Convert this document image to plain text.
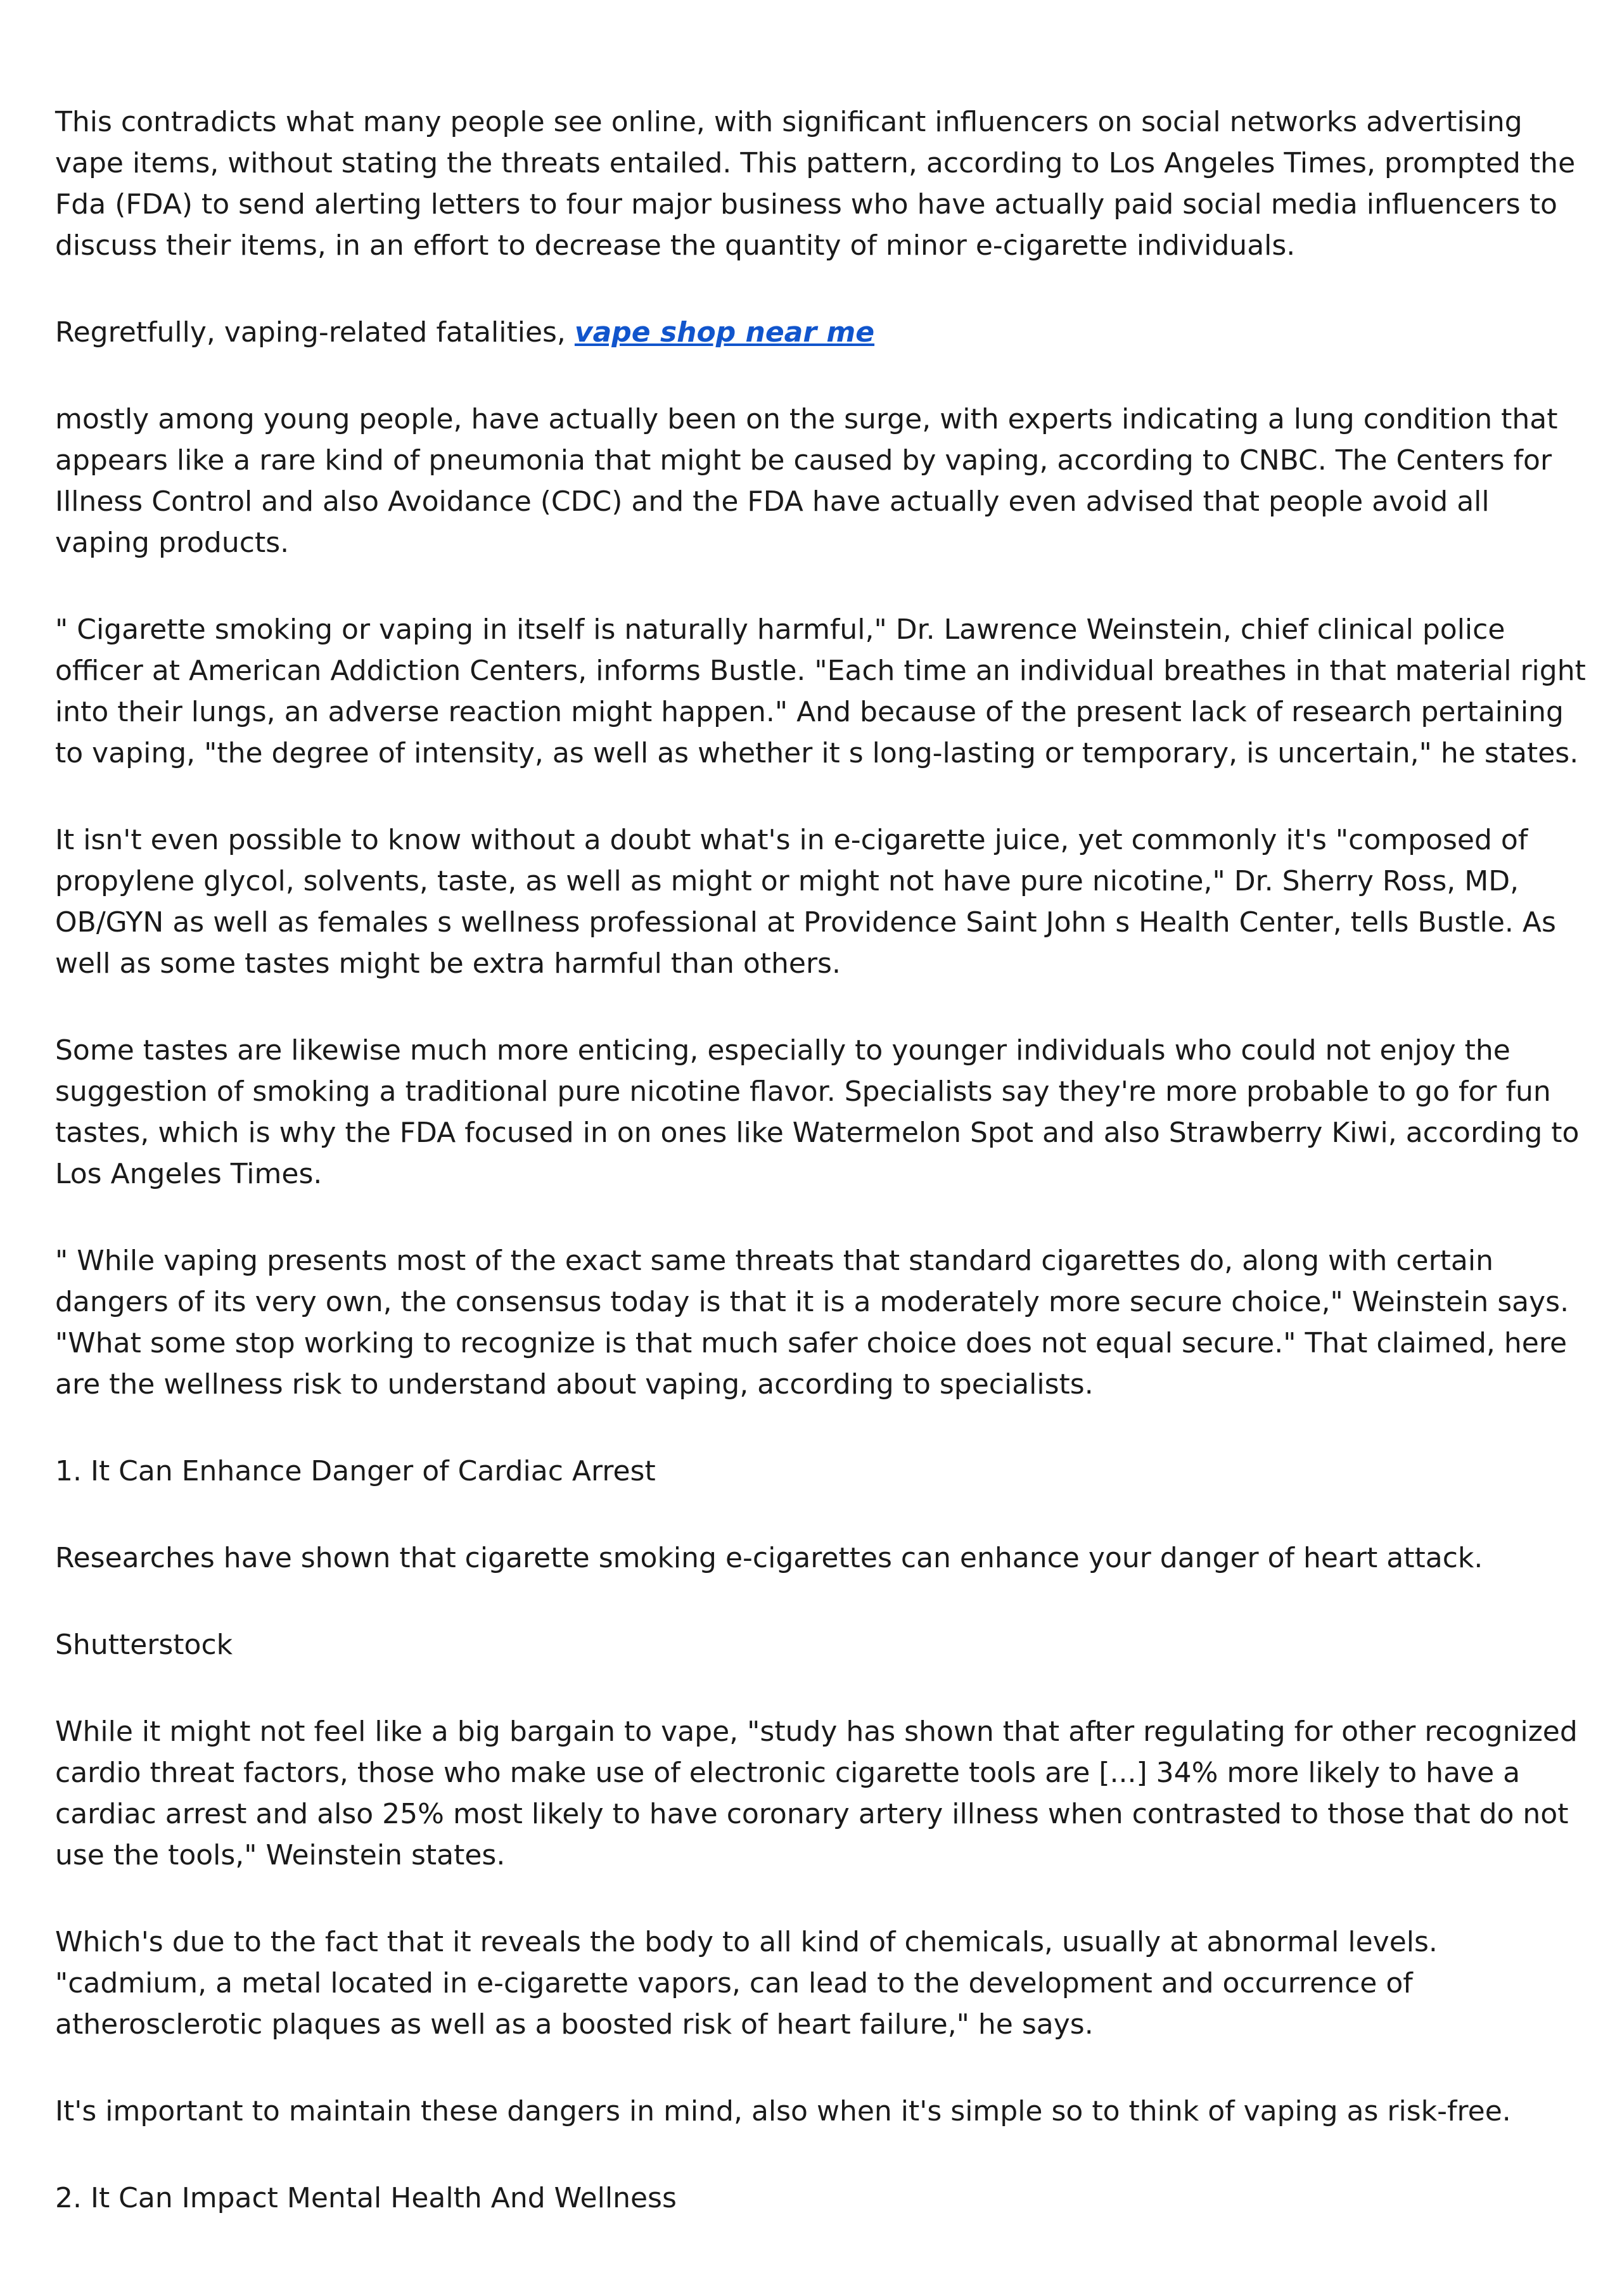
This contradicts what many people see online, with significant influencers on social networks advertising vape items, without stating the threats entailed. This pattern, according to Los Angeles Times, prompted the Fda (FDA) to send alerting letters to four major business who have actually paid social media influencers to discuss their items, in an effort to decrease the quantity of minor e-cigarette individuals.

Regretfully, vaping-related fatalities, vape shop near me

mostly among young people, have actually been on the surge, with experts indicating a lung condition that appears like a rare kind of pneumonia that might be caused by vaping, according to CNBC. The Centers for Illness Control and also Avoidance (CDC) and the FDA have actually even advised that people avoid all vaping products.

" Cigarette smoking or vaping in itself is naturally harmful," Dr. Lawrence Weinstein, chief clinical police officer at American Addiction Centers, informs Bustle. "Each time an individual breathes in that material right into their lungs, an adverse reaction might happen." And because of the present lack of research pertaining to vaping, "the degree of intensity, as well as whether it s long-lasting or temporary, is uncertain," he states.

It isn't even possible to know without a doubt what's in e-cigarette juice, yet commonly it's "composed of propylene glycol, solvents, taste, as well as might or might not have pure nicotine," Dr. Sherry Ross, MD, OB/GYN as well as females s wellness professional at Providence Saint John s Health Center, tells Bustle. As well as some tastes might be extra harmful than others.

Some tastes are likewise much more enticing, especially to younger individuals who could not enjoy the suggestion of smoking a traditional pure nicotine flavor. Specialists say they're more probable to go for fun tastes, which is why the FDA focused in on ones like Watermelon Spot and also Strawberry Kiwi, according to Los Angeles Times.

" While vaping presents most of the exact same threats that standard cigarettes do, along with certain dangers of its very own, the consensus today is that it is a moderately more secure choice," Weinstein says. "What some stop working to recognize is that much safer choice does not equal secure." That claimed, here are the wellness risk to understand about vaping, according to specialists.

1. It Can Enhance Danger of Cardiac Arrest

Researches have shown that cigarette smoking e-cigarettes can enhance your danger of heart attack.

Shutterstock

While it might not feel like a big bargain to vape, "study has shown that after regulating for other recognized cardio threat factors, those who make use of electronic cigarette tools are [...] 34% more likely to have a cardiac arrest and also 25% most likely to have coronary artery illness when contrasted to those that do not use the tools," Weinstein states.

Which's due to the fact that it reveals the body to all kind of chemicals, usually at abnormal levels. "cadmium, a metal located in e-cigarette vapors, can lead to the development and occurrence of atherosclerotic plaques as well as a boosted risk of heart failure," he says.

It's important to maintain these dangers in mind, also when it's simple so to think of vaping as risk-free.

2. It Can Impact Mental Health And Wellness
